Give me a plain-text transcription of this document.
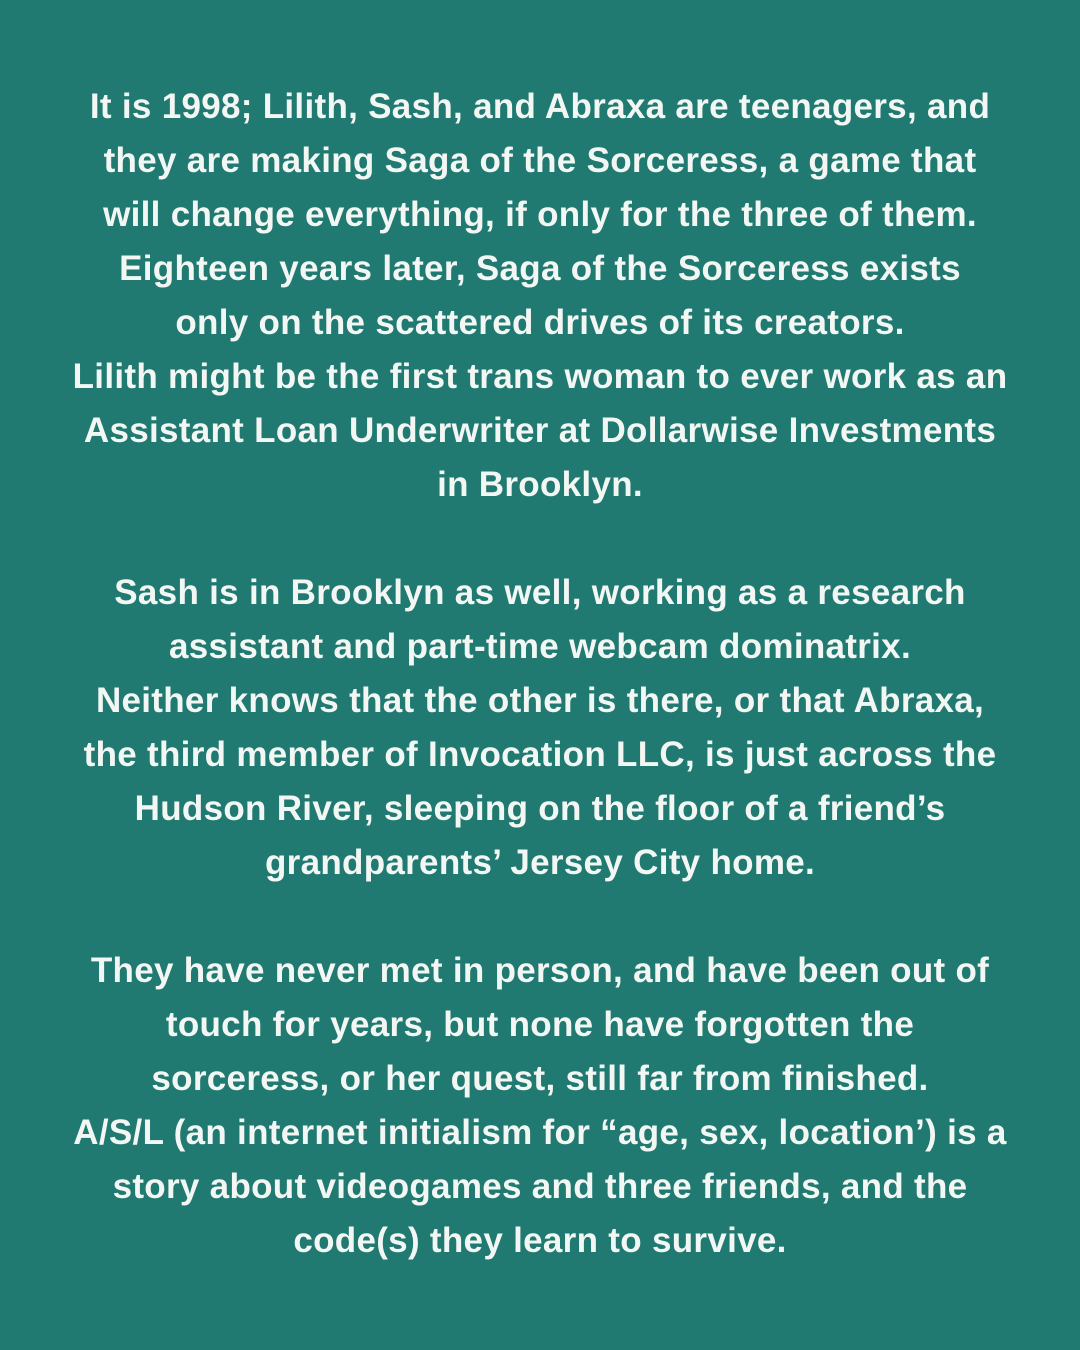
It is 1998; Lilith, Sash, and Abraxa are teenagers, and
they are making Saga of the Sorceress, a game that
will change everything, if only for the three of them.
Eighteen years later, Saga of the Sorceress exists
only on the scattered drives of its creators.
Lilith might be the first trans woman to ever work as an
Assistant Loan Underwriter at Dollarwise Investments
in Brooklyn.

Sash is in Brooklyn as well, working as a research
assistant and part-time webcam dominatrix.
Neither knows that the other is there, or that Abraxa,
the third member of Invocation LLC, is just across the
Hudson River, sleeping on the floor of a friend’s
grandparents’ Jersey City home.

They have never met in person, and have been out of
touch for years, but none have forgotten the
sorceress, or her quest, still far from finished.
A/S/L (an internet initialism for “age, sex, location’) is a
story about videogames and three friends, and the
code(s) they learn to survive.
